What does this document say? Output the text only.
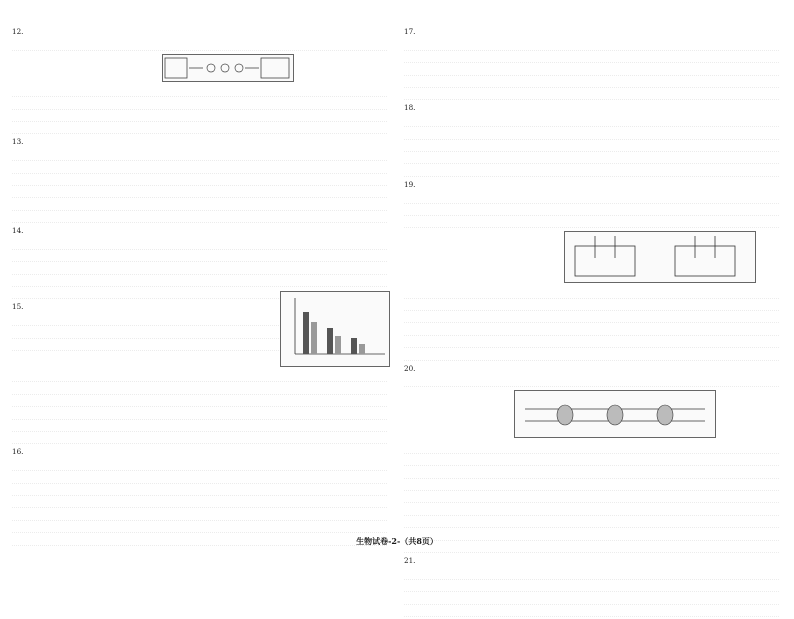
12.
13.
14.
15.
16.
17.
18.
19.
20.
21.
生物试卷-2-（共8页）
